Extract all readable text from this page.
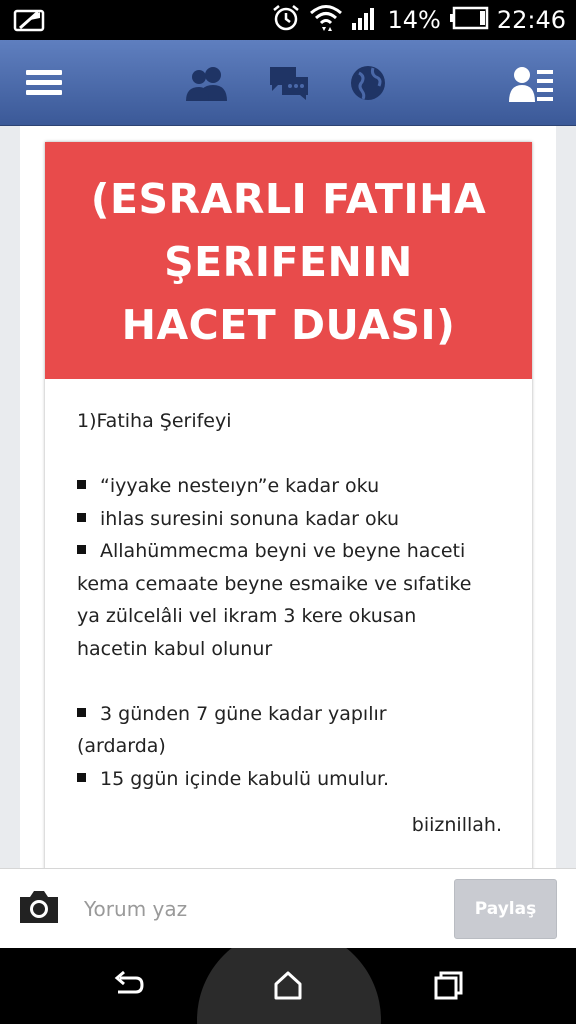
14% 22:46
(ESRARLI FATIHA
ŞERIFENIN
HACET DUASI)
1)Fatiha Şerifeyi
“iyyake nesteıyn”e kadar oku
ihlas suresini sonuna kadar oku
Allahümmecma beyni ve beyne haceti
kema cemaate beyne esmaike ve sıfatike
ya zülcelâli vel ikram 3 kere okusan
hacetin kabul olunur
3 günden 7 güne kadar yapılır
(ardarda)
15 ggün içinde kabulü umulur.
biiznillah.
Yorum yaz
Paylaş
